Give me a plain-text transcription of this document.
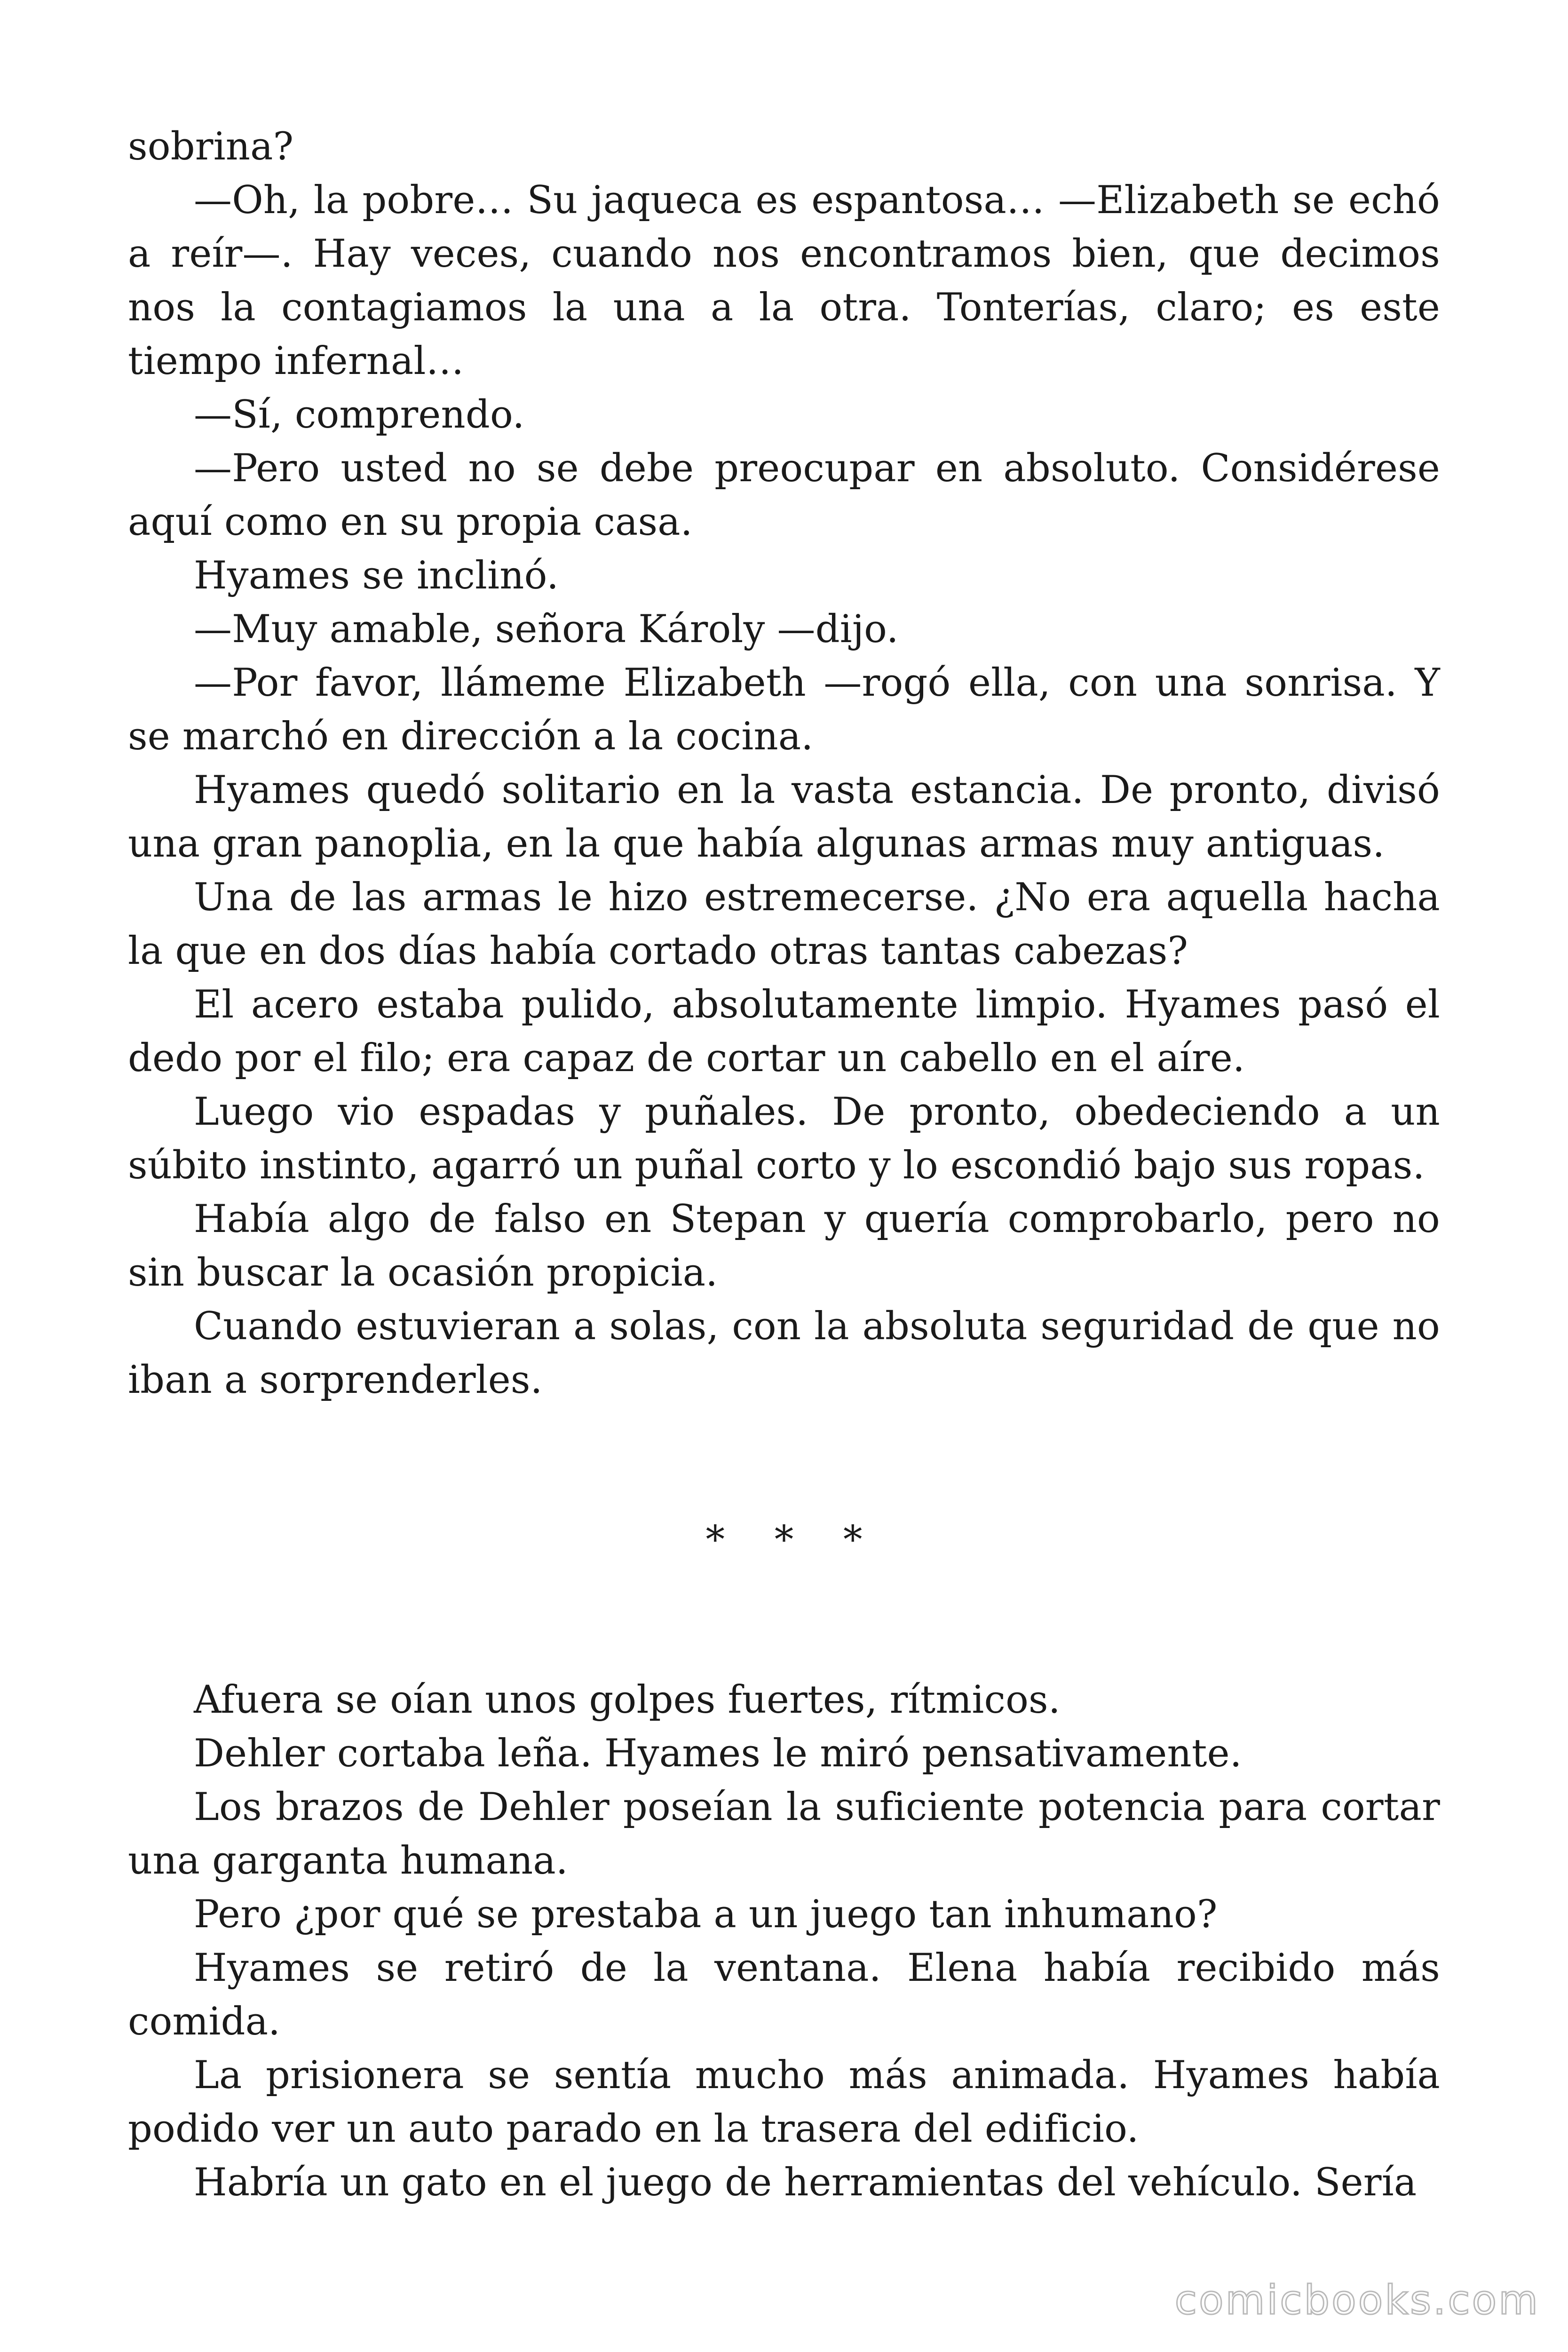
sobrina?

—Oh, la pobre… Su jaqueca es espantosa… —Elizabeth se echó a reír—. Hay veces, cuando nos encontramos bien, que decimos nos la contagiamos la una a la otra. Tonterías, claro; es este tiempo infernal…

—Sí, comprendo.

—Pero usted no se debe preocupar en absoluto. Considérese aquí como en su propia casa.

Hyames se inclinó.

—Muy amable, señora Károly —dijo.

—Por favor, llámeme Elizabeth —rogó ella, con una sonrisa. Y se marchó en dirección a la cocina.

Hyames quedó solitario en la vasta estancia. De pronto, divisó una gran panoplia, en la que había algunas armas muy antiguas.

Una de las armas le hizo estremecerse. ¿No era aquella hacha la que en dos días había cortado otras tantas cabezas?

El acero estaba pulido, absolutamente limpio. Hyames pasó el dedo por el filo; era capaz de cortar un cabello en el aíre.

Luego vio espadas y puñales. De pronto, obedeciendo a un súbito instinto, agarró un puñal corto y lo escondió bajo sus ropas.

Había algo de falso en Stepan y quería comprobarlo, pero no sin buscar la ocasión propicia.

Cuando estuvieran a solas, con la absoluta seguridad de que no iban a sorprenderles.

* * *

Afuera se oían unos golpes fuertes, rítmicos.

Dehler cortaba leña. Hyames le miró pensativamente.

Los brazos de Dehler poseían la suficiente potencia para cortar una garganta humana.

Pero ¿por qué se prestaba a un juego tan inhumano?

Hyames se retiró de la ventana. Elena había recibido más comida.

La prisionera se sentía mucho más animada. Hyames había podido ver un auto parado en la trasera del edificio.

Habría un gato en el juego de herramientas del vehículo. Sería

comicbooks.com
